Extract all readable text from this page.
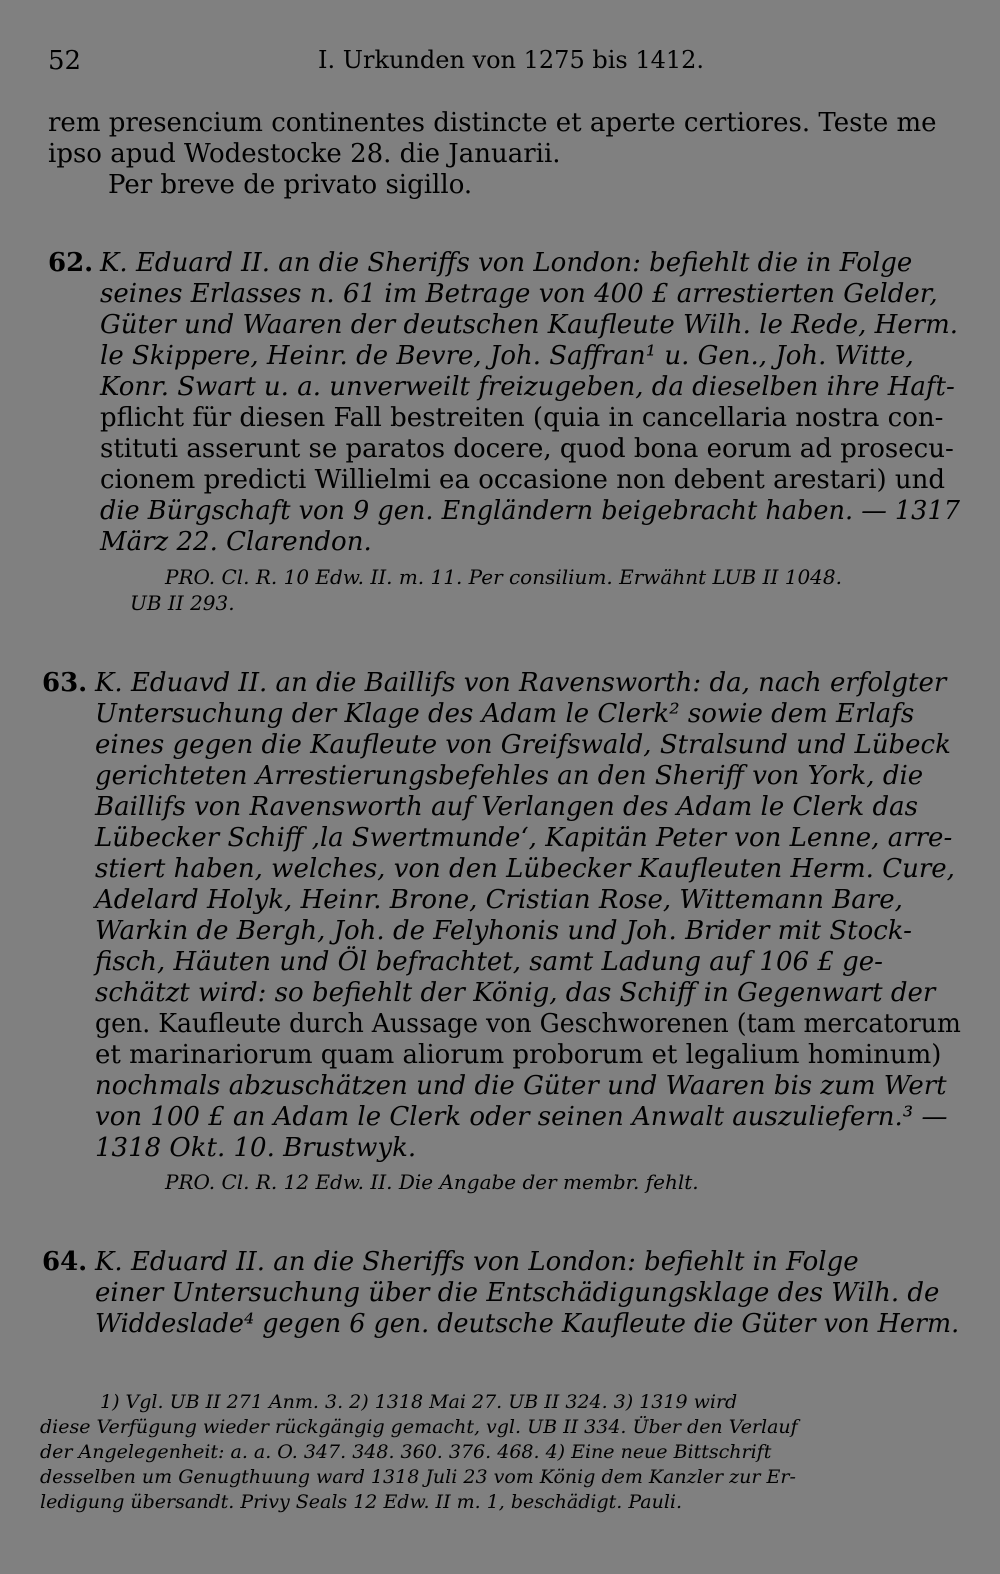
52	I. Urkunden von 1275 bis 1412.
rem presencium continentes distincte et aperte certiores. Teste me
ipso apud Wodestocke 28. die Januarii.
Per breve de privato sigillo.
62. K. Eduard II. an die Sheriffs von London: befiehlt die in Folge
seines Erlasses n. 61 im Betrage von 400 £ arrestierten Gelder,
Güter und Waaren der deutschen Kaufleute Wilh. le Rede, Herm.
le Skippere, Heinr. de Bevre, Joh. Saffran¹ u. Gen., Joh. Witte,
Konr. Swart u. a. unverweilt freizugeben, da dieselben ihre Haft-
pflicht für diesen Fall bestreiten (quia in cancellaria nostra con-
stituti asserunt se paratos docere, quod bona eorum ad prosecu-
cionem predicti Willielmi ea occasione non debent arestari) und
die Bürgschaft von 9 gen. Engländern beigebracht haben. — 1317
März 22. Clarendon.
PRO. Cl. R. 10 Edw. II. m. 11. Per consilium. Erwähnt LUB II 1048.
UB II 293.
63. K. Eduavd II. an die Baillifs von Ravensworth: da, nach erfolgter
Untersuchung der Klage des Adam le Clerk² sowie dem Erlafs
eines gegen die Kaufleute von Greifswald, Stralsund und Lübeck
gerichteten Arrestierungsbefehles an den Sheriff von York, die
Baillifs von Ravensworth auf Verlangen des Adam le Clerk das
Lübecker Schiff ‚la Swertmunde‘, Kapitän Peter von Lenne, arre-
stiert haben, welches, von den Lübecker Kaufleuten Herm. Cure,
Adelard Holyk, Heinr. Brone, Cristian Rose, Wittemann Bare,
Warkin de Bergh, Joh. de Felyhonis und Joh. Brider mit Stock-
fisch, Häuten und Öl befrachtet, samt Ladung auf 106 £ ge-
schätzt wird: so befiehlt der König, das Schiff in Gegenwart der
gen. Kaufleute durch Aussage von Geschworenen (tam mercatorum
et marinariorum quam aliorum proborum et legalium hominum)
nochmals abzuschätzen und die Güter und Waaren bis zum Wert
von 100 £ an Adam le Clerk oder seinen Anwalt auszuliefern.³ —
1318 Okt. 10. Brustwyk.
PRO. Cl. R. 12 Edw. II. Die Angabe der membr. fehlt.
64. K. Eduard II. an die Sheriffs von London: befiehlt in Folge
einer Untersuchung über die Entschädigungsklage des Wilh. de
Widdeslade⁴ gegen 6 gen. deutsche Kaufleute die Güter von Herm.
1) Vgl. UB II 271 Anm. 3. 2) 1318 Mai 27. UB II 324. 3) 1319 wird
diese Verfügung wieder rückgängig gemacht, vgl. UB II 334. Über den Verlauf
der Angelegenheit: a. a. O. 347. 348. 360. 376. 468. 4) Eine neue Bittschrift
desselben um Genugthuung ward 1318 Juli 23 vom König dem Kanzler zur Er-
ledigung übersandt. Privy Seals 12 Edw. II m. 1, beschädigt. Pauli.
